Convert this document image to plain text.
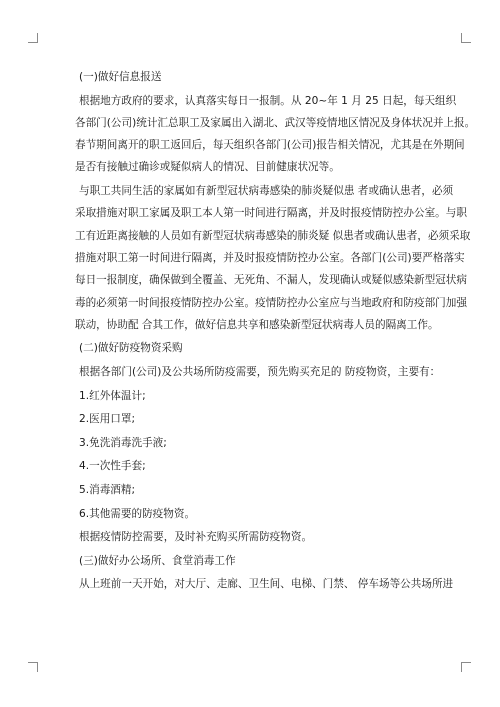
(一)做好信息报送
根据地方政府的要求，认真落实每日一报制。从 20~年 1 月 25 日起，每天组织
各部门(公司)统计汇总职工及家属出入湖北、武汉等疫情地区情况及身体状况并上报。
春节期间离开的职工返回后，每天组织各部门(公司)报告相关情况，尤其是在外期间
是否有接触过确诊或疑似病人的情况、目前健康状况等。
与职工共同生活的家属如有新型冠状病毒感染的肺炎疑似患 者或确认患者，必须
采取措施对职工家属及职工本人第一时间进行隔离，并及时报疫情防控办公室。与职
工有近距离接触的人员如有新型冠状病毒感染的肺炎疑 似患者或确认患者，必须采取
措施对职工第一时间进行隔离，并及时报疫情防控办公室。各部门(公司)要严格落实
每日一报制度，确保做到全覆盖、无死角、不漏人，发现确认或疑似感染新型冠状病
毒的必须第一时间报疫情防控办公室。疫情防控办公室应与当地政府和防疫部门加强
联动，协助配 合其工作，做好信息共享和感染新型冠状病毒人员的隔离工作。
(二)做好防疫物资采购
根据各部门(公司)及公共场所防疫需要，预先购买充足的 防疫物资，主要有：
1.红外体温计;
2.医用口罩;
3.免洗消毒洗手液;
4.一次性手套;
5.消毒酒精;
6.其他需要的防疫物资。
根据疫情防控需要，及时补充购买所需防疫物资。
(三)做好办公场所、食堂消毒工作
从上班前一天开始，对大厅、走廊、卫生间、电梯、门禁、 停车场等公共场所进
